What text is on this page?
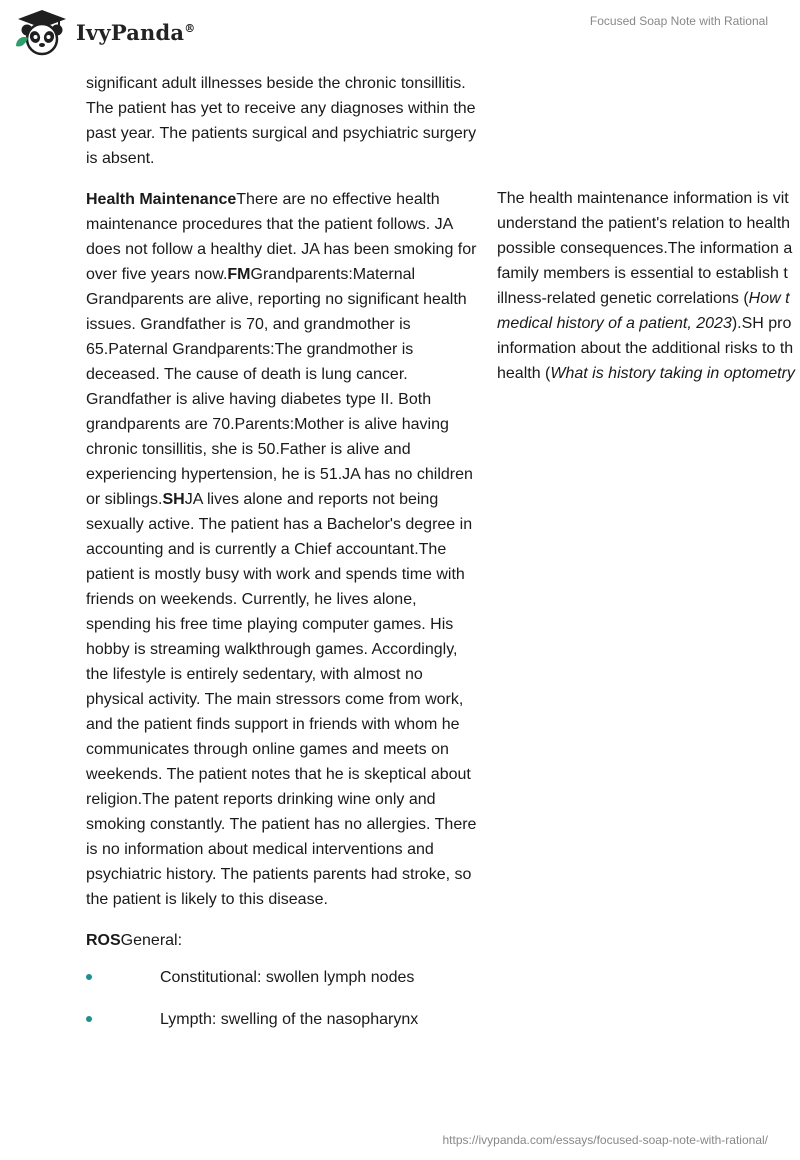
IvyPanda®	Focused Soap Note with Rational

significant adult illnesses beside the chronic tonsillitis. The patient has yet to receive any diagnoses within the past year. The patients surgical and psychiatric surgery is absent.

Health MaintenanceThere are no effective health maintenance procedures that the patient follows. JA does not follow a healthy diet. JA has been smoking for over five years now.FMGrandparents:Maternal Grandparents are alive, reporting no significant health issues. Grandfather is 70, and grandmother is 65.Paternal Grandparents:The grandmother is deceased. The cause of death is lung cancer. Grandfather is alive having diabetes type II. Both grandparents are 70.Parents:Mother is alive having chronic tonsillitis, she is 50.Father is alive and experiencing hypertension, he is 51.JA has no children or siblings.SHJA lives alone and reports not being sexually active. The patient has a Bachelor's degree in accounting and is currently a Chief accountant.The patient is mostly busy with work and spends time with friends on weekends. Currently, he lives alone, spending his free time playing computer games. His hobby is streaming walkthrough games. Accordingly, the lifestyle is entirely sedentary, with almost no physical activity. The main stressors come from work, and the patient finds support in friends with whom he communicates through online games and meets on weekends. The patient notes that he is skeptical about religion.The patent reports drinking wine only and smoking constantly. The patient has no allergies. There is no information about medical interventions and psychiatric history. The patients parents had stroke, so the patient is likely to this disease.

ROSGeneral:

Constitutional: swollen lymph nodes
Lympth: swelling of the nasopharynx
The health maintenance information is vit
understand the patient's relation to health
possible consequences.The information a
family members is essential to establish t
illness-related genetic correlations (How t
medical history of a patient, 2023).SH pro
information about the additional risks to th
health (What is history taking in optometry
https://ivypanda.com/essays/focused-soap-note-with-rational/
